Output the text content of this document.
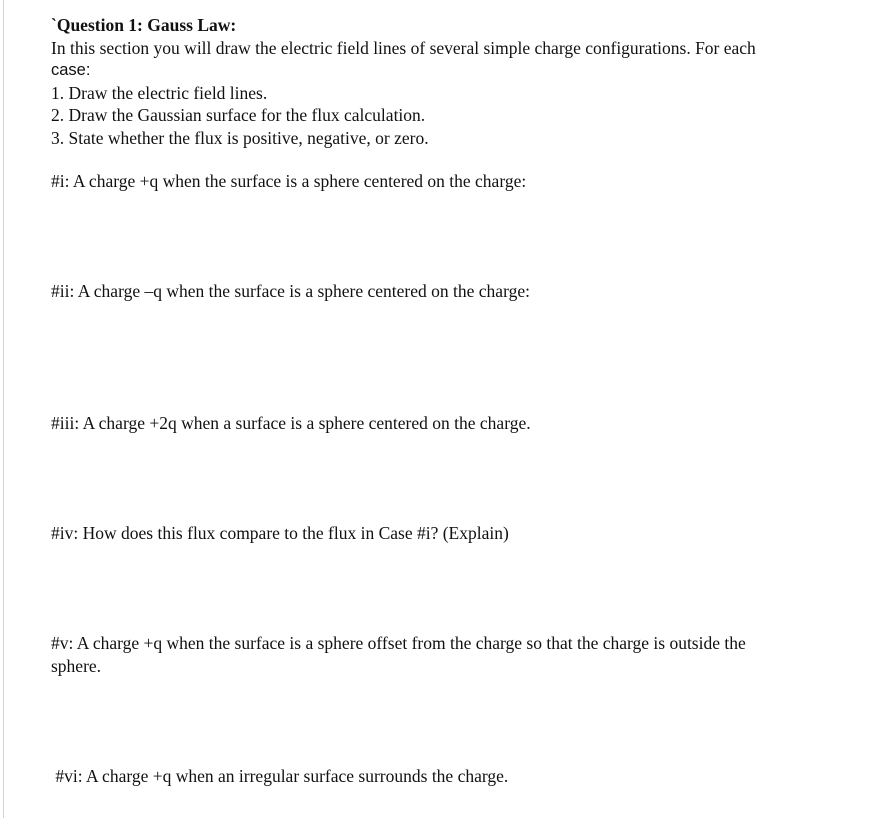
`Question 1: Gauss Law:

In this section you will draw the electric field lines of several simple charge configurations. For each

case:

1. Draw the electric field lines.

2. Draw the Gaussian surface for the flux calculation.

3. State whether the flux is positive, negative, or zero.

#i: A charge +q when the surface is a sphere centered on the charge:

#ii: A charge –q when the surface is a sphere centered on the charge:

#iii: A charge +2q when a surface is a sphere centered on the charge.

#iv: How does this flux compare to the flux in Case #i? (Explain)

#v: A charge +q when the surface is a sphere offset from the charge so that the charge is outside the

sphere.

#vi: A charge +q when an irregular surface surrounds the charge.
